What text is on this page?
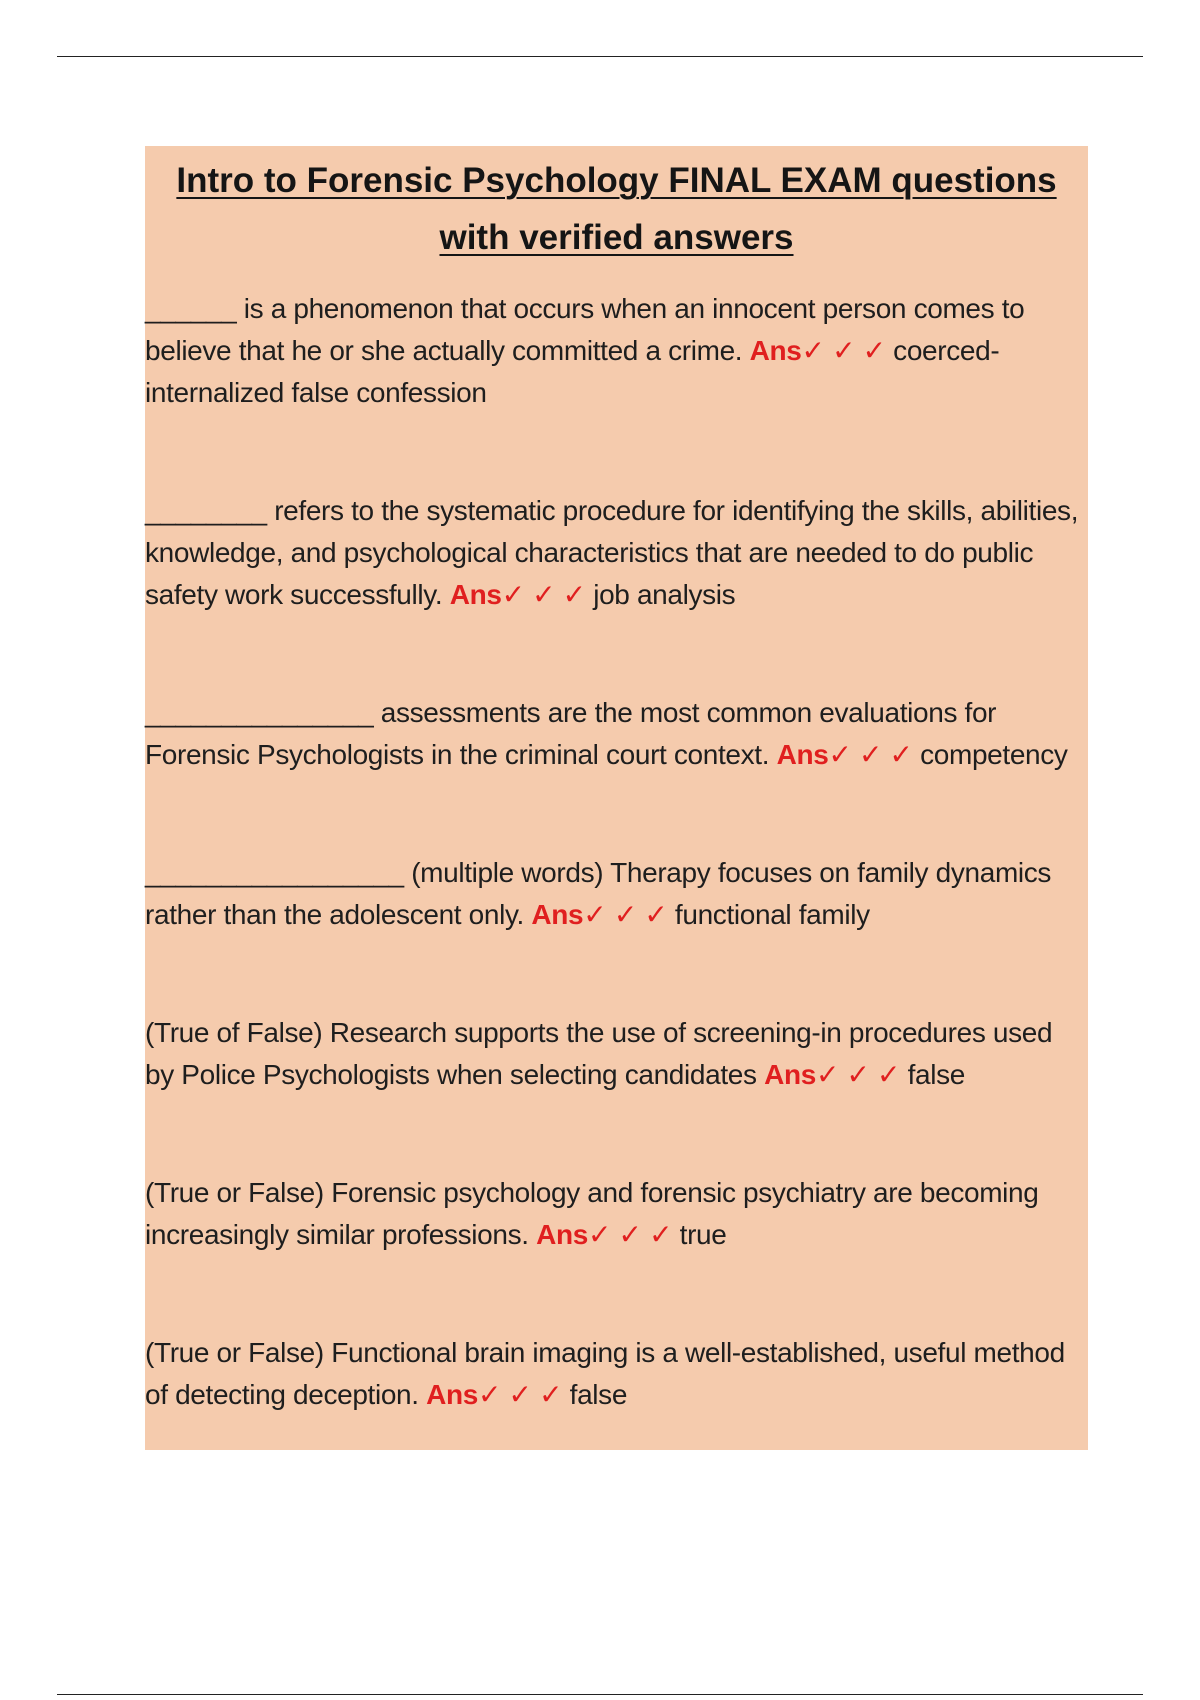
Intro to Forensic Psychology FINAL EXAM questions with verified answers

______ is a phenomenon that occurs when an innocent person comes to believe that he or she actually committed a crime. Ans✓ ✓ ✓ coerced-internalized false confession

________ refers to the systematic procedure for identifying the skills, abilities, knowledge, and psychological characteristics that are needed to do public safety work successfully. Ans✓ ✓ ✓ job analysis

_______________ assessments are the most common evaluations for Forensic Psychologists in the criminal court context. Ans✓ ✓ ✓ competency

_________________ (multiple words) Therapy focuses on family dynamics rather than the adolescent only. Ans✓ ✓ ✓ functional family

(True of False) Research supports the use of screening-in procedures used by Police Psychologists when selecting candidates Ans✓ ✓ ✓ false

(True or False) Forensic psychology and forensic psychiatry are becoming increasingly similar professions. Ans✓ ✓ ✓ true

(True or False) Functional brain imaging is a well-established, useful method of detecting deception. Ans✓ ✓ ✓ false
